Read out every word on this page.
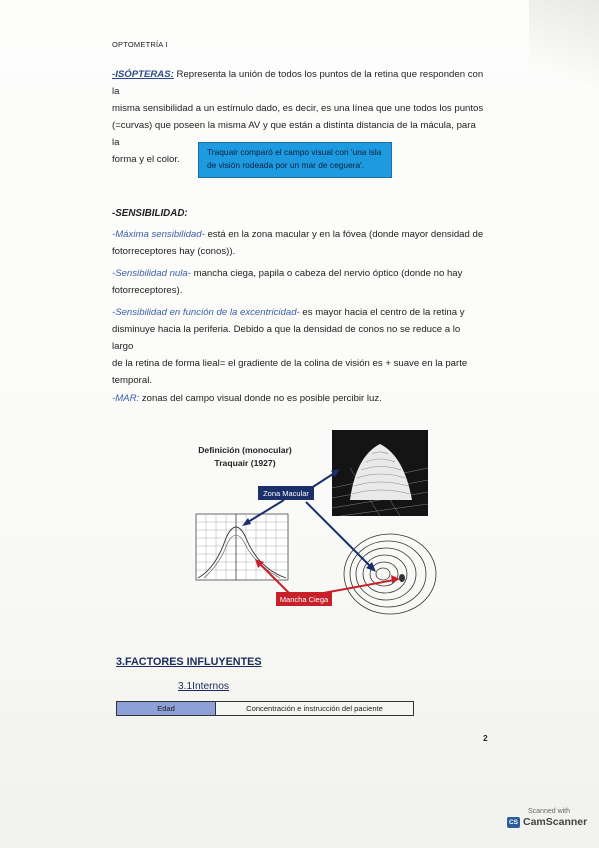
OPTOMETRÍA I
-ISÓPTERAS: Representa la unión de todos los puntos de la retina que responden con la
misma sensibilidad a un estímulo dado, es decir, es una línea que une todos los puntos
(=curvas) que poseen la misma AV y que están a distinta distancia de la mácula, para la
forma y el color.
Traquair comparó el campo visual con 'una isla
de visión rodeada por un mar de ceguera'.
-SENSIBILIDAD:
-Máxima sensibilidad- está en la zona macular y en la fóvea (donde mayor densidad de
fotorreceptores hay (conos)).
-Sensibilidad nula- mancha ciega, papila o cabeza del nervio óptico (donde no hay
fotorreceptores).
-Sensibilidad en función de la excentricidad- es mayor hacia el centro de la retina y
disminuye hacia la periferia. Debido a que la densidad de conos no se reduce a lo largo
de la retina de forma lieal= el gradiente de la colina de visión es + suave en la parte
temporal.
-MAR: zonas del campo visual donde no es posible percibir luz.
Zona Macular
Mancha Ciega
Definición (monocular)
Traquair (1927)
3.FACTORES INFLUYENTES
3.1Internos
Edad	Concentración e instrucción del paciente
2
Scanned with
CS CamScanner
